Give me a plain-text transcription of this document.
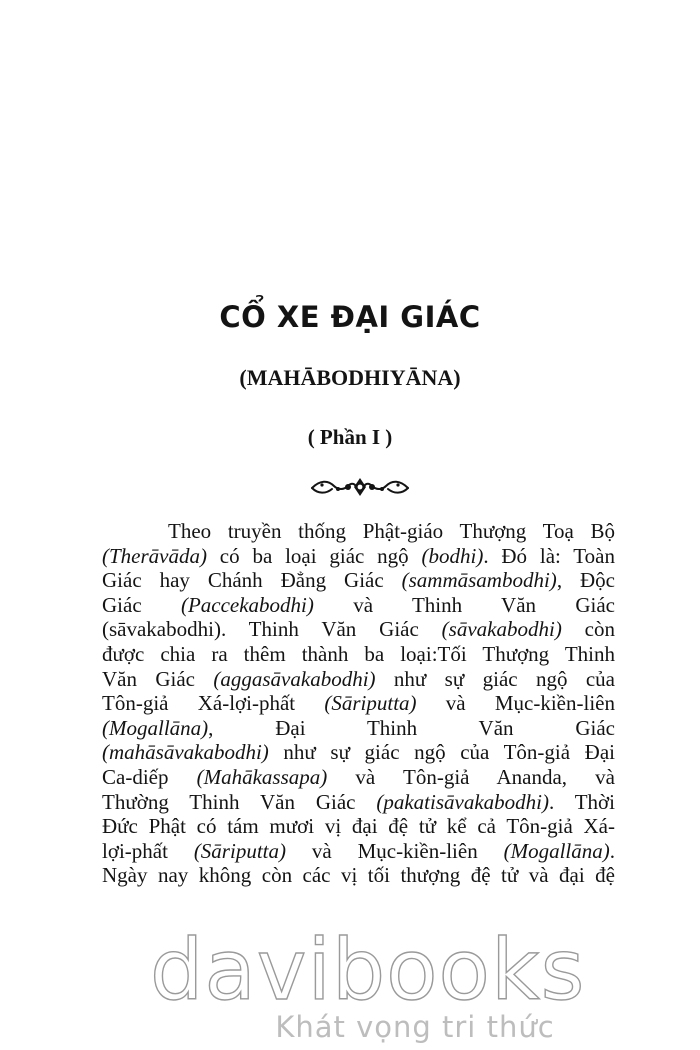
CỔ XE ĐẠI GIÁC
(MAHĀBODHIYĀNA)
( Phần I )
Theo truyền thống Phật-giáo Thượng Toạ Bộ
(Therāvāda) có ba loại giác ngộ (bodhi). Đó là: Toàn
Giác hay Chánh Đẳng Giác (sammāsambodhi), Độc
Giác (Paccekabodhi) và Thinh Văn Giác
(sāvakabodhi). Thinh Văn Giác (sāvakabodhi) còn
được chia ra thêm thành ba loại:Tối Thượng Thinh
Văn Giác (aggasāvakabodhi) như sự giác ngộ của
Tôn-giả Xá-lợi-phất (Sāriputta) và Mục-kiền-liên
(Mogallāna), Đại Thinh Văn Giác
(mahāsāvakabodhi) như sự giác ngộ của Tôn-giả Đại
Ca-diếp (Mahākassapa) và Tôn-giả Ananda, và
Thường Thinh Văn Giác (pakatisāvakabodhi). Thời
Đức Phật có tám mươi vị đại đệ tử kể cả Tôn-giả Xá-
lợi-phất (Sāriputta) và Mục-kiền-liên (Mogallāna).
Ngày nay không còn các vị tối thượng đệ tử và đại đệ
davibooks
Khát vọng tri thức
